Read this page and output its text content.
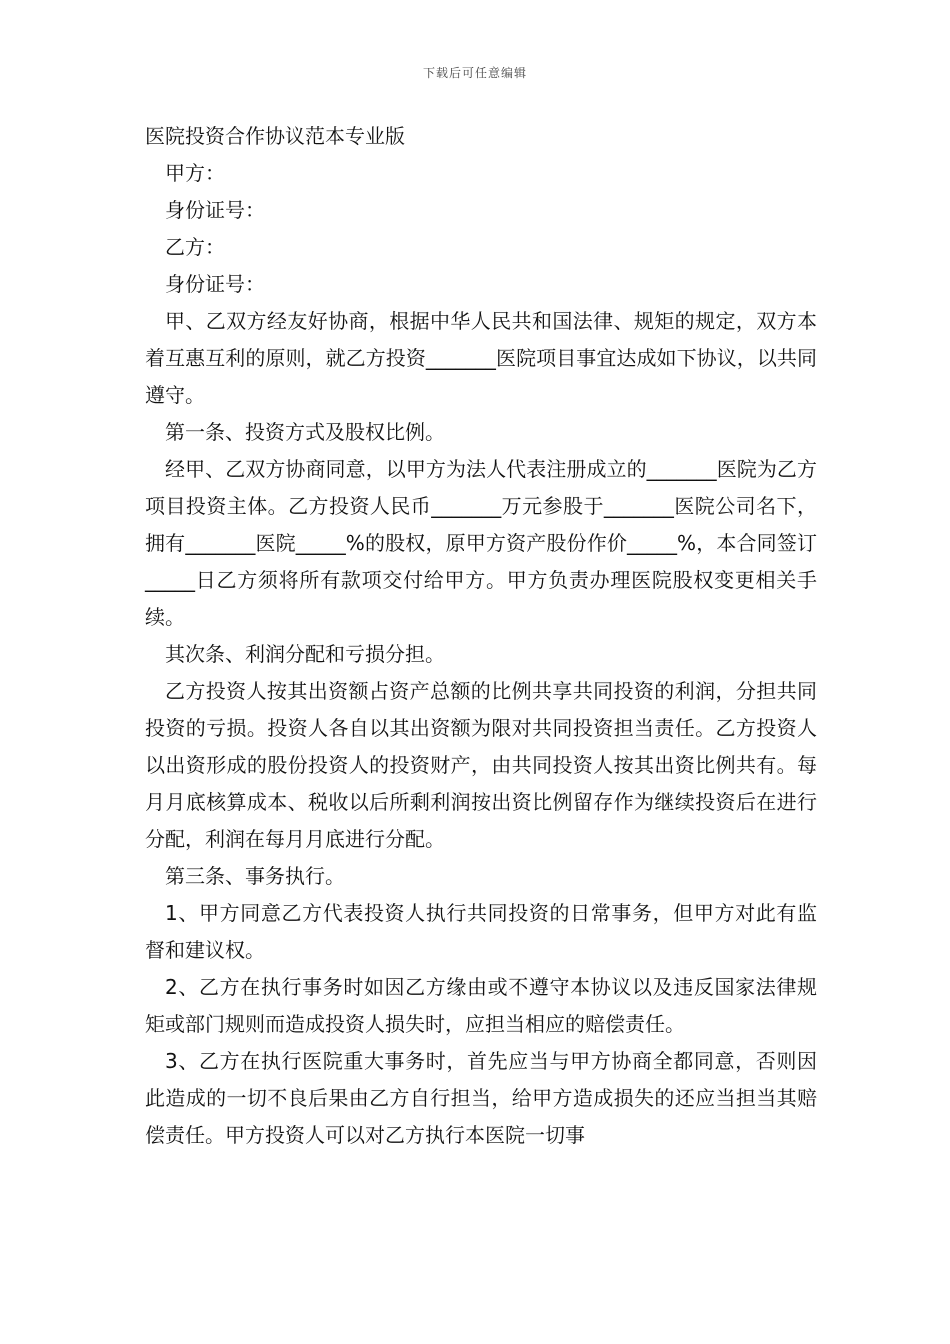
下载后可任意编辑

医院投资合作协议范本专业版

甲方：

身份证号：

乙方：

身份证号：

甲、乙双方经友好协商，根据中华人民共和国法律、规矩的规定，双方本着互惠互利的原则，就乙方投资_______医院项目事宜达成如下协议，以共同遵守。

第一条、投资方式及股权比例。

经甲、乙双方协商同意，以甲方为法人代表注册成立的_______医院为乙方项目投资主体。乙方投资人民币_______万元参股于_______医院公司名下，拥有_______医院_____%的股权，原甲方资产股份作价_____%，本合同签订_____日乙方须将所有款项交付给甲方。甲方负责办理医院股权变更相关手续。

其次条、利润分配和亏损分担。

乙方投资人按其出资额占资产总额的比例共享共同投资的利润，分担共同投资的亏损。投资人各自以其出资额为限对共同投资担当责任。乙方投资人以出资形成的股份投资人的投资财产，由共同投资人按其出资比例共有。每月月底核算成本、税收以后所剩利润按出资比例留存作为继续投资后在进行分配，利润在每月月底进行分配。

第三条、事务执行。

1、甲方同意乙方代表投资人执行共同投资的日常事务，但甲方对此有监督和建议权。

2、乙方在执行事务时如因乙方缘由或不遵守本协议以及违反国家法律规矩或部门规则而造成投资人损失时，应担当相应的赔偿责任。

3、乙方在执行医院重大事务时，首先应当与甲方协商全都同意，否则因此造成的一切不良后果由乙方自行担当，给甲方造成损失的还应当担当其赔偿责任。甲方投资人可以对乙方执行本医院一切事
